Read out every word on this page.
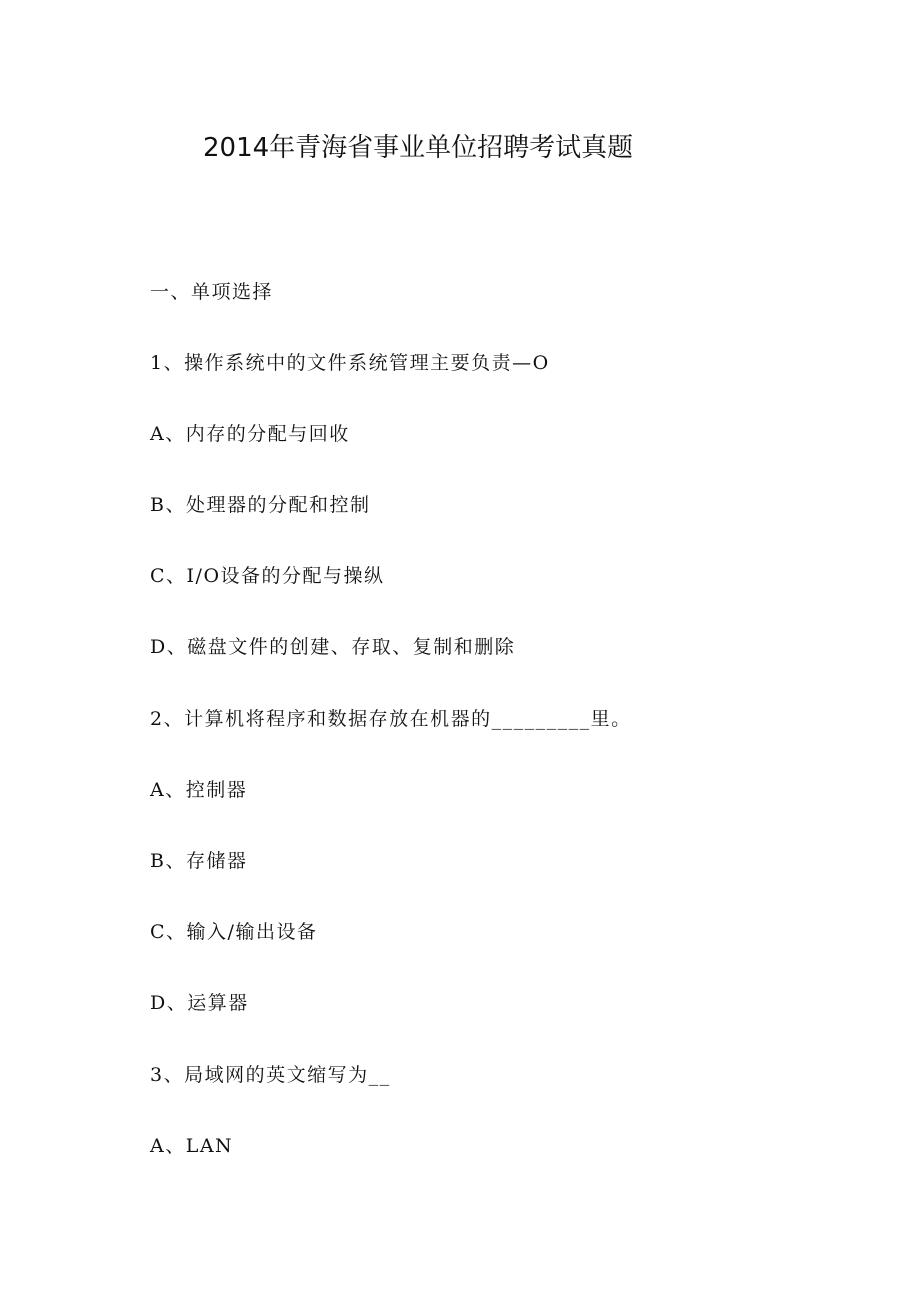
2014年青海省事业单位招聘考试真题
一、单项选择
1、操作系统中的文件系统管理主要负责—O
A、内存的分配与回收
B、处理器的分配和控制
C、I/O设备的分配与操纵
D、磁盘文件的创建、存取、复制和删除
2、计算机将程序和数据存放在机器的_________里。
A、控制器
B、存储器
C、输入/输出设备
D、运算器
3、局域网的英文缩写为__
A、LAN
